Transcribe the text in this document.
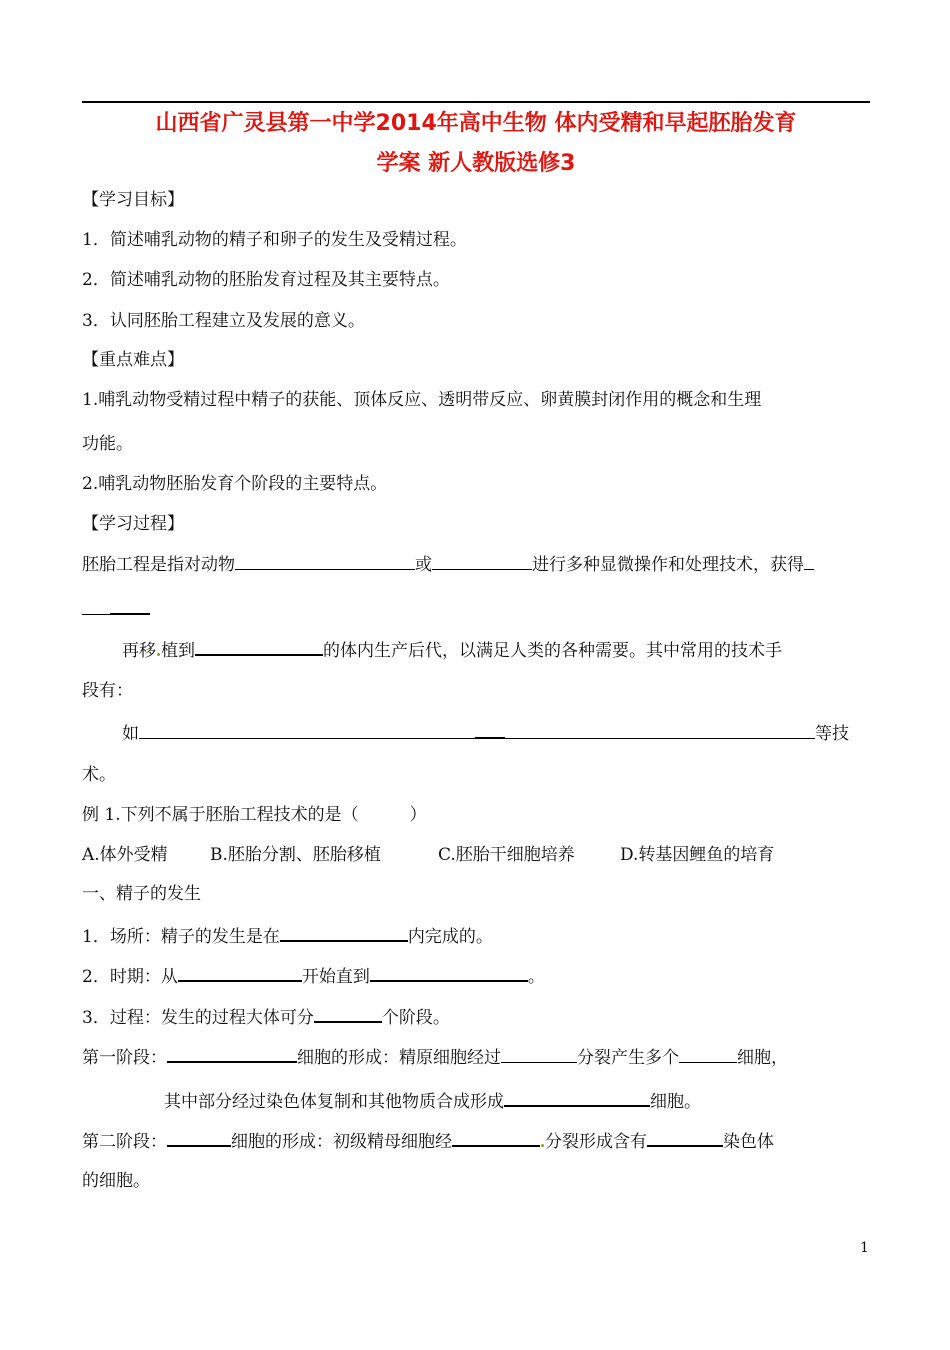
山西省广灵县第一中学2014年高中生物 体内受精和早起胚胎发育
学案 新人教版选修3
【学习目标】
1．简述哺乳动物的精子和卵子的发生及受精过程。
2．简述哺乳动物的胚胎发育过程及其主要特点。
3．认同胚胎工程建立及发展的意义。
【重点难点】
1.哺乳动物受精过程中精子的获能、顶体反应、透明带反应、卵黄膜封闭作用的概念和生理
功能。
2.哺乳动物胚胎发育个阶段的主要特点。
【学习过程】
胚胎工程是指对动物	或	进行多种显微操作和处理技术，获得
再移 植到	的体内生产后代，以满足人类的各种需要。其中常用的技术手
段有：
如	等技
术。
例 1.下列不属于胚胎工程技术的是（　　　）
A.体外受精 B.胚胎分割、胚胎移植	C.胚胎干细胞培养	D.转基因鲤鱼的培育
一、精子的发生
1．场所：精子的发生是在	内完成的。
2．时期：从	开始直到	。
3．过程：发生的过程大体可分	个阶段。
第一阶段：	细胞的形成：精原细胞经过	分裂产生多个	细胞，
其中部分经过染色体复制和其他物质合成形成	细胞。
第二阶段：	细胞的形成：初级精母细胞经	分裂形成含有	染色体
的细胞。
1
